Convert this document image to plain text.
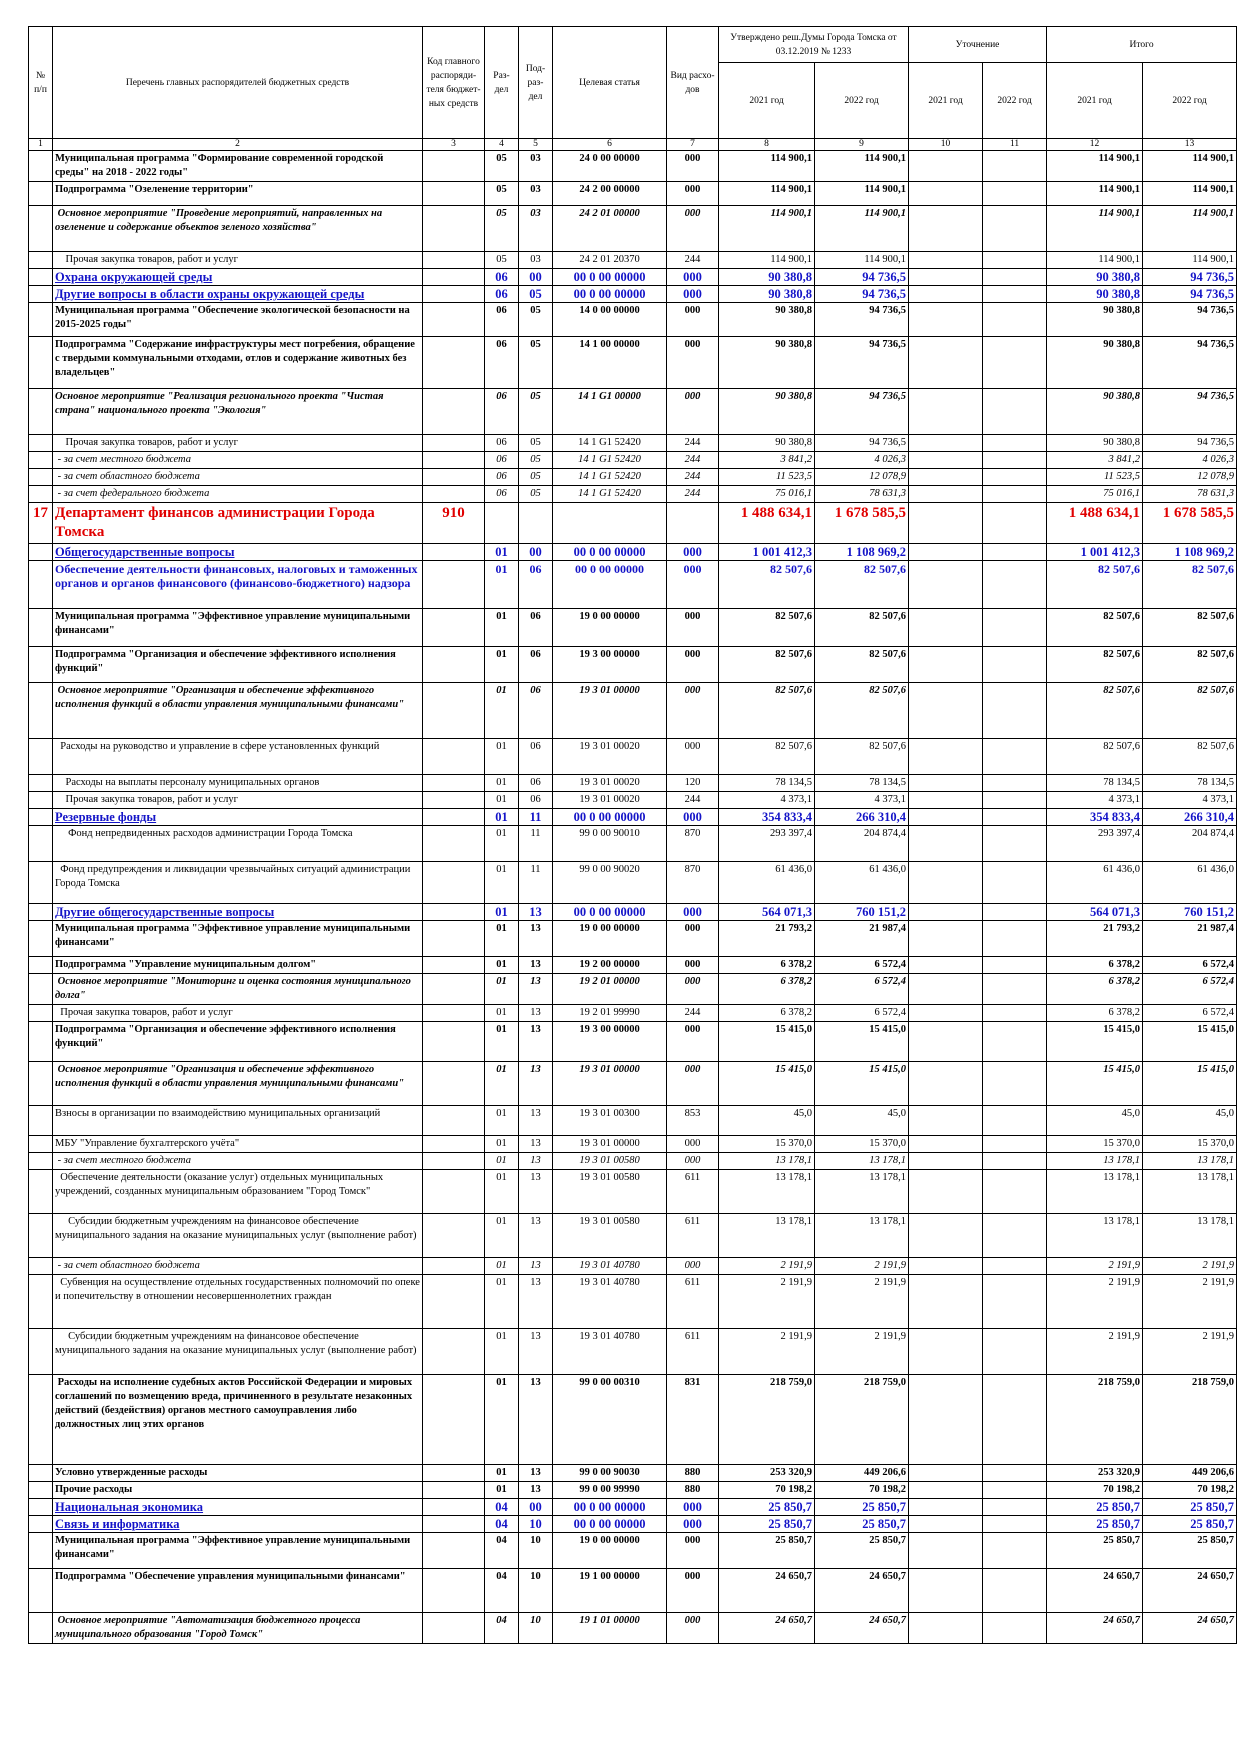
№ п/п	Перечень главных распорядителей бюджетных средств	Код главного распоряди-теля бюджет-ных средств	Раз-дел	Под-раз-дел	Целевая статья	Вид расхо-дов	Утверждено реш.Думы Города Томска от 03.12.2019 № 1233		Уточнение		Итого	
							2021 год	2022 год	2021 год	2022 год	2021 год	2022 год
1	2	3	4	5	6	7	8	9	10	11	12	13
	Муниципальная программа "Формирование современной городской среды" на 2018 - 2022 годы"		05	03	24 0 00 00000	000	114 900,1	114 900,1			114 900,1	114 900,1
	Подпрограмма "Озеленение территории"		05	03	24 2 00 00000	000	114 900,1	114 900,1			114 900,1	114 900,1
	Основное мероприятие "Проведение мероприятий, направленных на озеленение и содержание объектов зеленого хозяйства"		05	03	24 2 01 00000	000	114 900,1	114 900,1			114 900,1	114 900,1
	Прочая закупка товаров, работ и услуг		05	03	24 2 01 20370	244	114 900,1	114 900,1			114 900,1	114 900,1
	Охрана окружающей среды		06	00	00 0 00 00000	000	90 380,8	94 736,5			90 380,8	94 736,5
	Другие вопросы в области охраны окружающей среды		06	05	00 0 00 00000	000	90 380,8	94 736,5			90 380,8	94 736,5
	Муниципальная программа "Обеспечение экологической безопасности на 2015-2025 годы"		06	05	14 0 00 00000	000	90 380,8	94 736,5			90 380,8	94 736,5
	Подпрограмма "Содержание инфраструктуры мест погребения, обращение с твердыми коммунальными отходами, отлов и содержание животных без владельцев"		06	05	14 1 00 00000	000	90 380,8	94 736,5			90 380,8	94 736,5
	Основное мероприятие "Реализация регионального проекта "Чистая страна" национального проекта "Экология"		06	05	14 1 G1 00000	000	90 380,8	94 736,5			90 380,8	94 736,5
	Прочая закупка товаров, работ и услуг		06	05	14 1 G1 52420	244	90 380,8	94 736,5			90 380,8	94 736,5
	- за счет местного бюджета		06	05	14 1 G1 52420	244	3 841,2	4 026,3			3 841,2	4 026,3
	- за счет областного бюджета		06	05	14 1 G1 52420	244	11 523,5	12 078,9			11 523,5	12 078,9
	- за счет федерального бюджета		06	05	14 1 G1 52420	244	75 016,1	78 631,3			75 016,1	78 631,3
17	Департамент финансов администрации Города Томска	910					1 488 634,1	1 678 585,5			1 488 634,1	1 678 585,5
	Общегосударственные вопросы		01	00	00 0 00 00000	000	1 001 412,3	1 108 969,2			1 001 412,3	1 108 969,2
	Обеспечение деятельности финансовых, налоговых и таможенных органов и органов финансового (финансово-бюджетного) надзора		01	06	00 0 00 00000	000	82 507,6	82 507,6			82 507,6	82 507,6
	Муниципальная программа "Эффективное управление муниципальными финансами"		01	06	19 0 00 00000	000	82 507,6	82 507,6			82 507,6	82 507,6
	Подпрограмма "Организация и обеспечение эффективного исполнения функций"		01	06	19 3 00 00000	000	82 507,6	82 507,6			82 507,6	82 507,6
	Основное мероприятие "Организация и обеспечение эффективного исполнения функций в области управления муниципальными финансами"		01	06	19 3 01 00000	000	82 507,6	82 507,6			82 507,6	82 507,6
	Расходы на руководство и управление в сфере установленных функций		01	06	19 3 01 00020	000	82 507,6	82 507,6			82 507,6	82 507,6
	Расходы на выплаты персоналу муниципальных органов		01	06	19 3 01 00020	120	78 134,5	78 134,5			78 134,5	78 134,5
	Прочая закупка товаров, работ и услуг		01	06	19 3 01 00020	244	4 373,1	4 373,1			4 373,1	4 373,1
	Резервные фонды		01	11	00 0 00 00000	000	354 833,4	266 310,4			354 833,4	266 310,4
	Фонд непредвиденных расходов администрации Города Томска		01	11	99 0 00 90010	870	293 397,4	204 874,4			293 397,4	204 874,4
	Фонд предупреждения и ликвидации чрезвычайных ситуаций администрации Города Томска		01	11	99 0 00 90020	870	61 436,0	61 436,0			61 436,0	61 436,0
	Другие общегосударственные вопросы		01	13	00 0 00 00000	000	564 071,3	760 151,2			564 071,3	760 151,2
	Муниципальная программа "Эффективное управление муниципальными финансами"		01	13	19 0 00 00000	000	21 793,2	21 987,4			21 793,2	21 987,4
	Подпрограмма "Управление муниципальным долгом"		01	13	19 2 00 00000	000	6 378,2	6 572,4			6 378,2	6 572,4
	Основное мероприятие "Мониторинг и оценка состояния муниципального долга"		01	13	19 2 01 00000	000	6 378,2	6 572,4			6 378,2	6 572,4
	Прочая закупка товаров, работ и услуг		01	13	19 2 01 99990	244	6 378,2	6 572,4			6 378,2	6 572,4
	Подпрограмма "Организация и обеспечение эффективного исполнения функций"		01	13	19 3 00 00000	000	15 415,0	15 415,0			15 415,0	15 415,0
	Основное мероприятие "Организация и обеспечение эффективного исполнения функций в области управления муниципальными финансами"		01	13	19 3 01 00000	000	15 415,0	15 415,0			15 415,0	15 415,0
	Взносы в организации по взаимодействию муниципальных организаций		01	13	19 3 01 00300	853	45,0	45,0			45,0	45,0
	МБУ "Управление бухгалтерского учёта"		01	13	19 3 01 00000	000	15 370,0	15 370,0			15 370,0	15 370,0
	- за счет местного бюджета		01	13	19 3 01 00580	000	13 178,1	13 178,1			13 178,1	13 178,1
	Обеспечение деятельности (оказание услуг) отдельных муниципальных учреждений, созданных муниципальным образованием "Город Томск"		01	13	19 3 01 00580	611	13 178,1	13 178,1			13 178,1	13 178,1
	Субсидии бюджетным учреждениям на финансовое обеспечение муниципального задания на оказание муниципальных услуг (выполнение работ)		01	13	19 3 01 00580	611	13 178,1	13 178,1			13 178,1	13 178,1
	- за счет областного бюджета		01	13	19 3 01 40780	000	2 191,9	2 191,9			2 191,9	2 191,9
	Субвенция на осуществление отдельных государственных полномочий по опеке и попечительству в отношении несовершеннолетних граждан		01	13	19 3 01 40780	611	2 191,9	2 191,9			2 191,9	2 191,9
	Субсидии бюджетным учреждениям на финансовое обеспечение муниципального задания на оказание муниципальных услуг (выполнение работ)		01	13	19 3 01 40780	611	2 191,9	2 191,9			2 191,9	2 191,9
	Расходы на исполнение судебных актов Российской Федерации и мировых соглашений по возмещению вреда, причиненного в результате незаконных действий (бездействия) органов местного самоуправления либо должностных лиц этих органов		01	13	99 0 00 00310	831	218 759,0	218 759,0			218 759,0	218 759,0
	Условно утвержденные расходы		01	13	99 0 00 90030	880	253 320,9	449 206,6			253 320,9	449 206,6
	Прочие расходы		01	13	99 0 00 99990	880	70 198,2	70 198,2			70 198,2	70 198,2
	Национальная экономика		04	00	00 0 00 00000	000	25 850,7	25 850,7			25 850,7	25 850,7
	Связь и информатика		04	10	00 0 00 00000	000	25 850,7	25 850,7			25 850,7	25 850,7
	Муниципальная программа "Эффективное управление муниципальными финансами"		04	10	19 0 00 00000	000	25 850,7	25 850,7			25 850,7	25 850,7
	Подпрограмма "Обеспечение управления муниципальными финансами"		04	10	19 1 00 00000	000	24 650,7	24 650,7			24 650,7	24 650,7
	Основное мероприятие "Автоматизация бюджетного процесса муниципального образования "Город Томск"		04	10	19 1 01 00000	000	24 650,7	24 650,7			24 650,7	24 650,7
